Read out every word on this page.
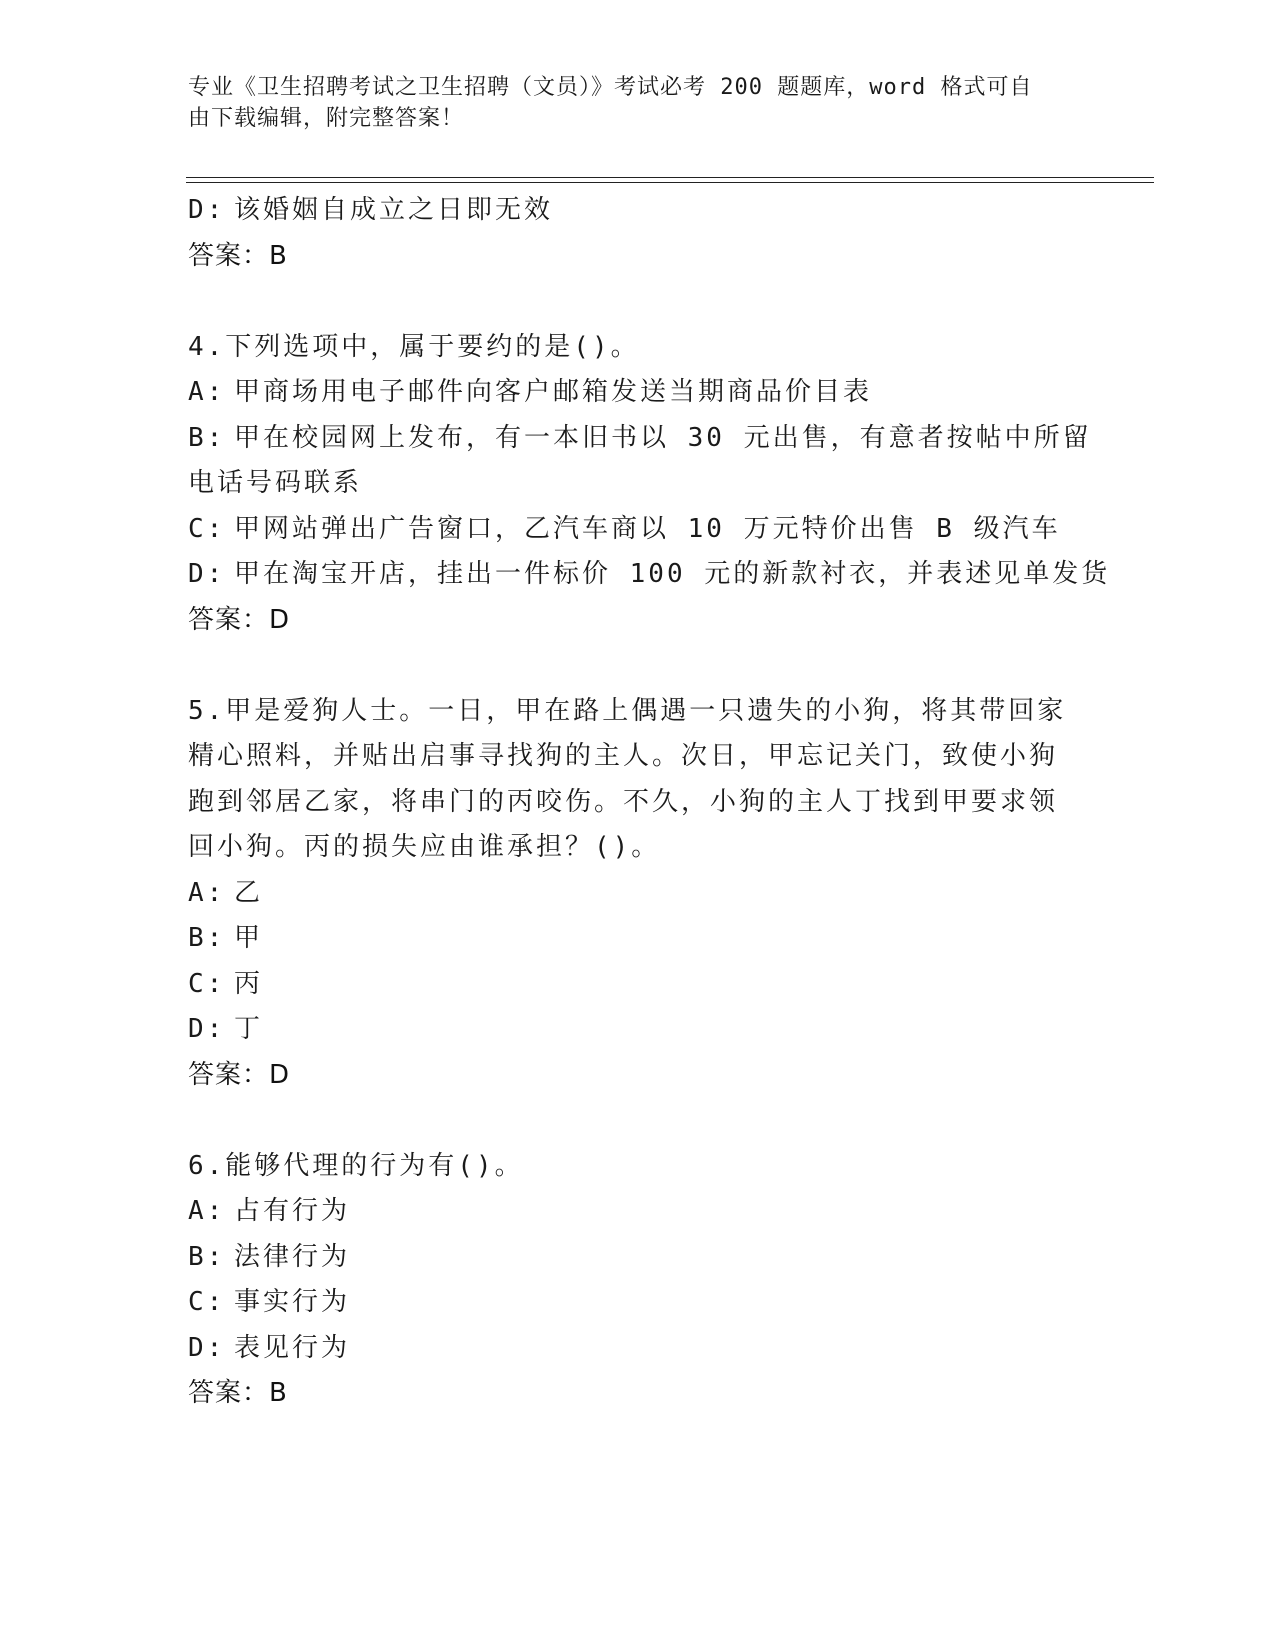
专业《卫生招聘考试之卫生招聘（文员）》考试必考 200 题题库，word 格式可自
由下载编辑，附完整答案！
D: 该婚姻自成立之日即无效
答案：B
4.下列选项中，属于要约的是()。
A: 甲商场用电子邮件向客户邮箱发送当期商品价目表
B: 甲在校园网上发布，有一本旧书以 30 元出售，有意者按帖中所留
电话号码联系
C: 甲网站弹出广告窗口，乙汽车商以 10 万元特价出售 B 级汽车
D: 甲在淘宝开店，挂出一件标价 100 元的新款衬衣，并表述见单发货
答案：D
5.甲是爱狗人士。一日，甲在路上偶遇一只遗失的小狗，将其带回家
精心照料，并贴出启事寻找狗的主人。次日，甲忘记关门，致使小狗
跑到邻居乙家，将串门的丙咬伤。不久，小狗的主人丁找到甲要求领
回小狗。丙的损失应由谁承担？()。
A: 乙
B: 甲
C: 丙
D: 丁
答案：D
6.能够代理的行为有()。
A: 占有行为
B: 法律行为
C: 事实行为
D: 表见行为
答案：B
